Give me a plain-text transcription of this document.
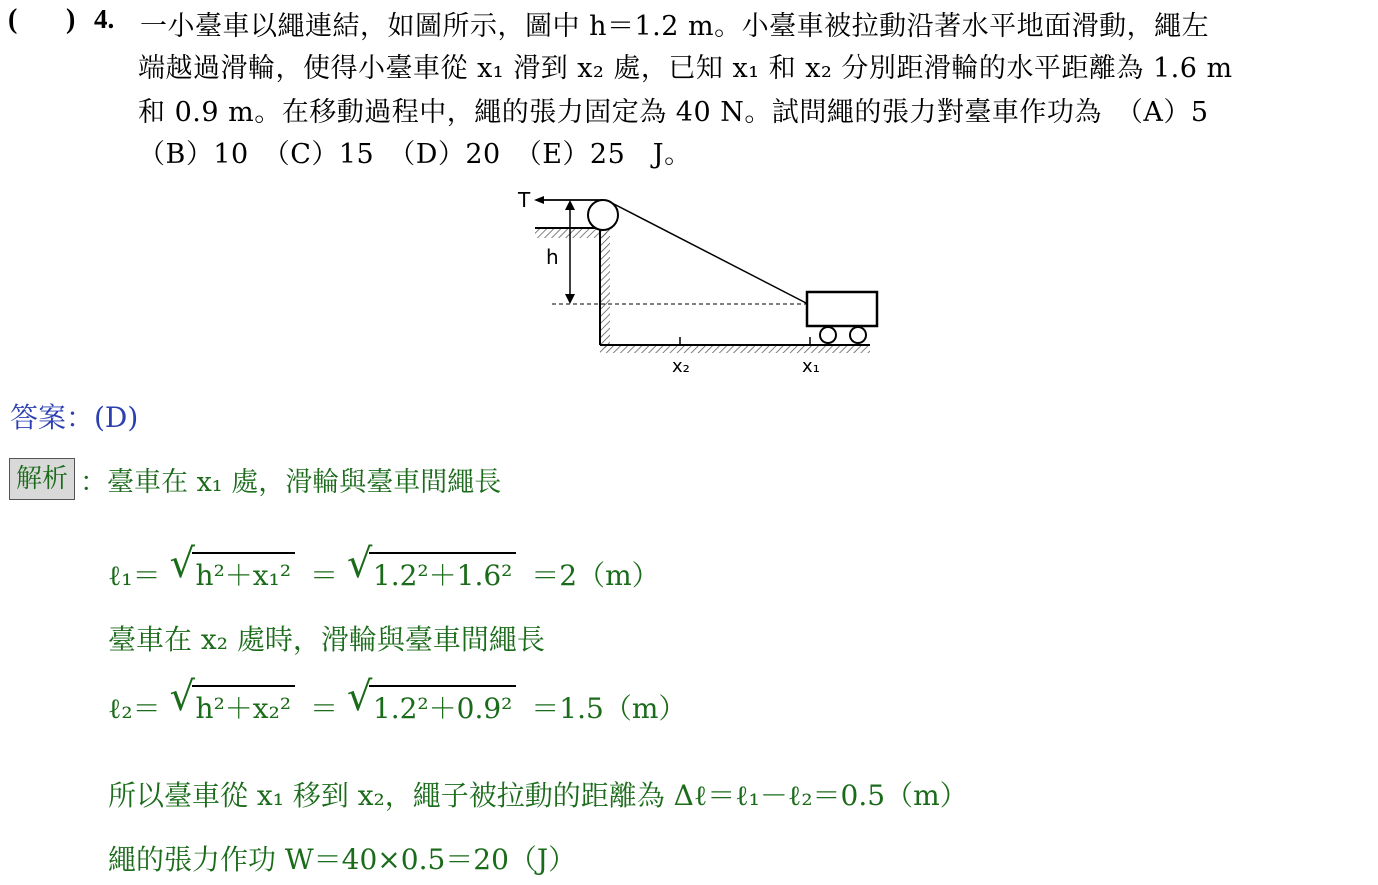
( ) 4. 一小臺車以繩連結，如圖所示，圖中 h＝1.2 m。小臺車被拉動沿著水平地面滑動，繩左
端越過滑輪，使得小臺車從 x₁ 滑到 x₂ 處，已知 x₁ 和 x₂ 分別距滑輪的水平距離為 1.6 m
和 0.9 m。在移動過程中，繩的張力固定為 40 N。試問繩的張力對臺車作功為　（A）5
（B）10　（C）15　（D）20　（E）25　J。
T
h
x₂	x₁
答案：(D)
解析 ：臺車在 x₁ 處，滑輪與臺車間繩長
ℓ₁＝ √ h²＋x₁² ＝ √ 1.2²＋1.6² ＝2（m）
臺車在 x₂ 處時，滑輪與臺車間繩長
ℓ₂＝ √ h²＋x₂² ＝ √ 1.2²＋0.9² ＝1.5（m）
所以臺車從 x₁ 移到 x₂，繩子被拉動的距離為 Δℓ＝ℓ₁－ℓ₂＝0.5（m）
繩的張力作功 W＝40×0.5＝20（J）
